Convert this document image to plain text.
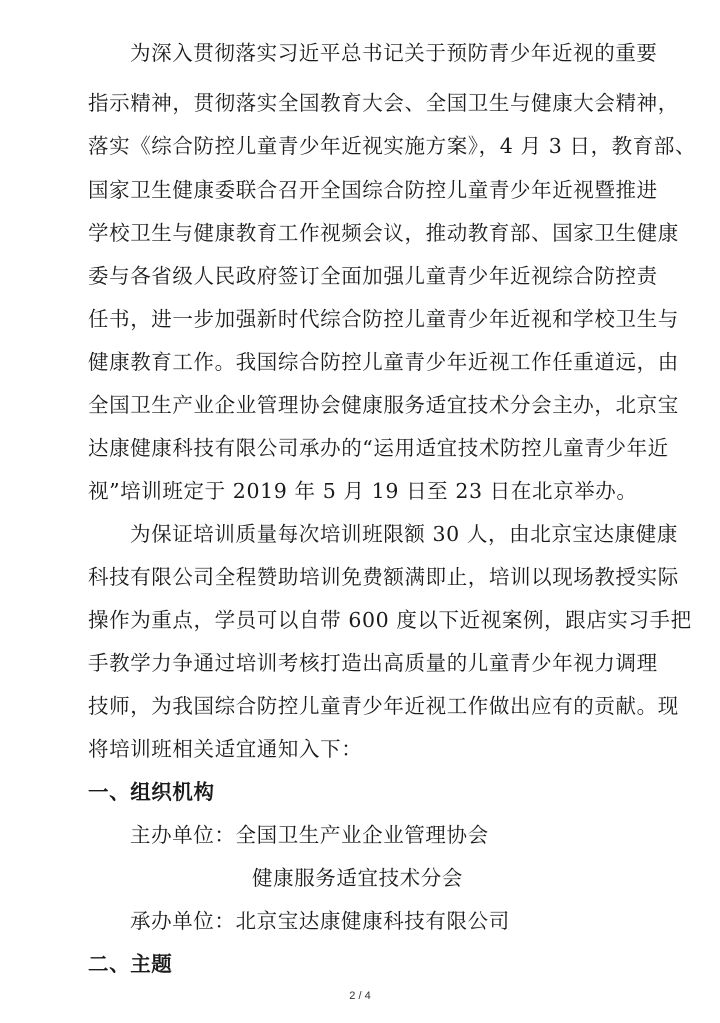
为深入贯彻落实习近平总书记关于预防青少年近视的重要
指示精神，贯彻落实全国教育大会、全国卫生与健康大会精神，
落实《综合防控儿童青少年近视实施方案》，4 月 3 日，教育部、
国家卫生健康委联合召开全国综合防控儿童青少年近视暨推进
学校卫生与健康教育工作视频会议，推动教育部、国家卫生健康
委与各省级人民政府签订全面加强儿童青少年近视综合防控责
任书，进一步加强新时代综合防控儿童青少年近视和学校卫生与
健康教育工作。我国综合防控儿童青少年近视工作任重道远，由
全国卫生产业企业管理协会健康服务适宜技术分会主办，北京宝
达康健康科技有限公司承办的“运用适宜技术防控儿童青少年近
视”培训班定于 2019 年 5 月 19 日至 23 日在北京举办。
为保证培训质量每次培训班限额 30 人，由北京宝达康健康
科技有限公司全程赞助培训免费额满即止，培训以现场教授实际
操作为重点，学员可以自带 600 度以下近视案例，跟店实习手把
手教学力争通过培训考核打造出高质量的儿童青少年视力调理
技师，为我国综合防控儿童青少年近视工作做出应有的贡献。现
将培训班相关适宜通知入下：
一、组织机构
主办单位：全国卫生产业企业管理协会
健康服务适宜技术分会
承办单位：北京宝达康健康科技有限公司
二、主题
2 / 4
